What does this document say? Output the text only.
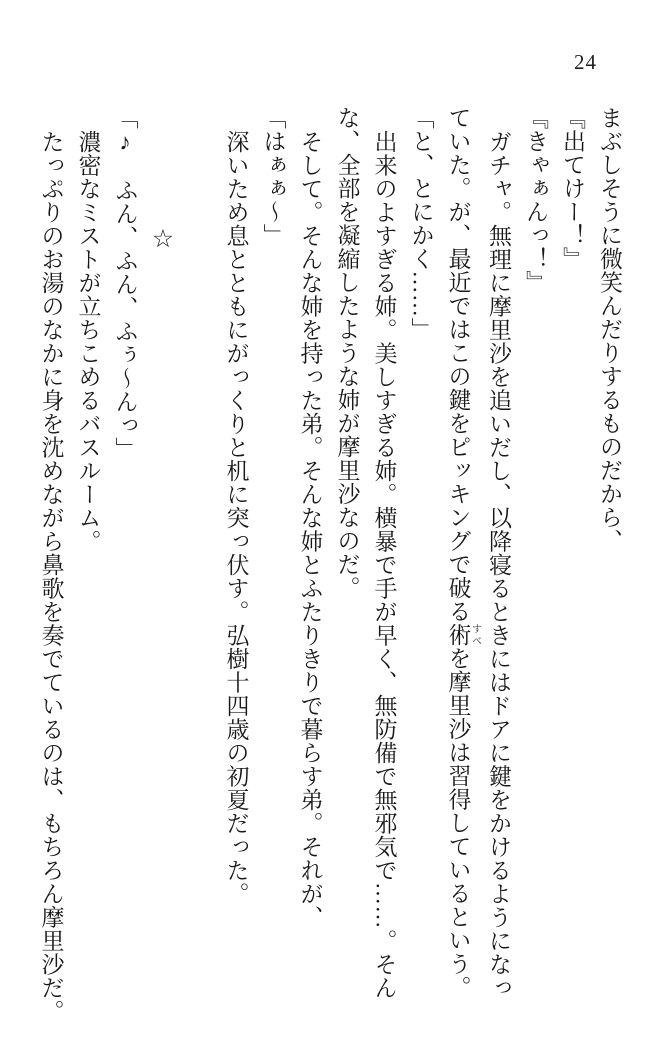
24
まぶしそうに微笑んだりするものだから、
『出てけー！』
『きゃぁんっ！』
ガチャ。無理に摩里沙を追いだし、以降寝るときにはドアに鍵をかけるようになっ
ていた。が、最近ではこの鍵をピッキングで破る術 すべを摩里沙は習得しているという。
「と、とにかく……」
出来のよすぎる姉。美しすぎる姉。横暴で手が早く、無防備で無邪気で……。そん
な、全部を凝縮したような姉が摩里沙なのだ。
そして。そんな姉を持った弟。そんな姉とふたりきりで暮らす弟。それが、
「はぁぁ〜」
深いため息とともにがっくりと机に突っ伏す。弘樹十四歳の初夏だった。
☆
「♪　ふん、ふん、ふぅ〜んっ」
濃密なミストが立ちこめるバスルーム。
たっぷりのお湯のなかに身を沈めながら鼻歌を奏でているのは、もちろん摩里沙だ。
